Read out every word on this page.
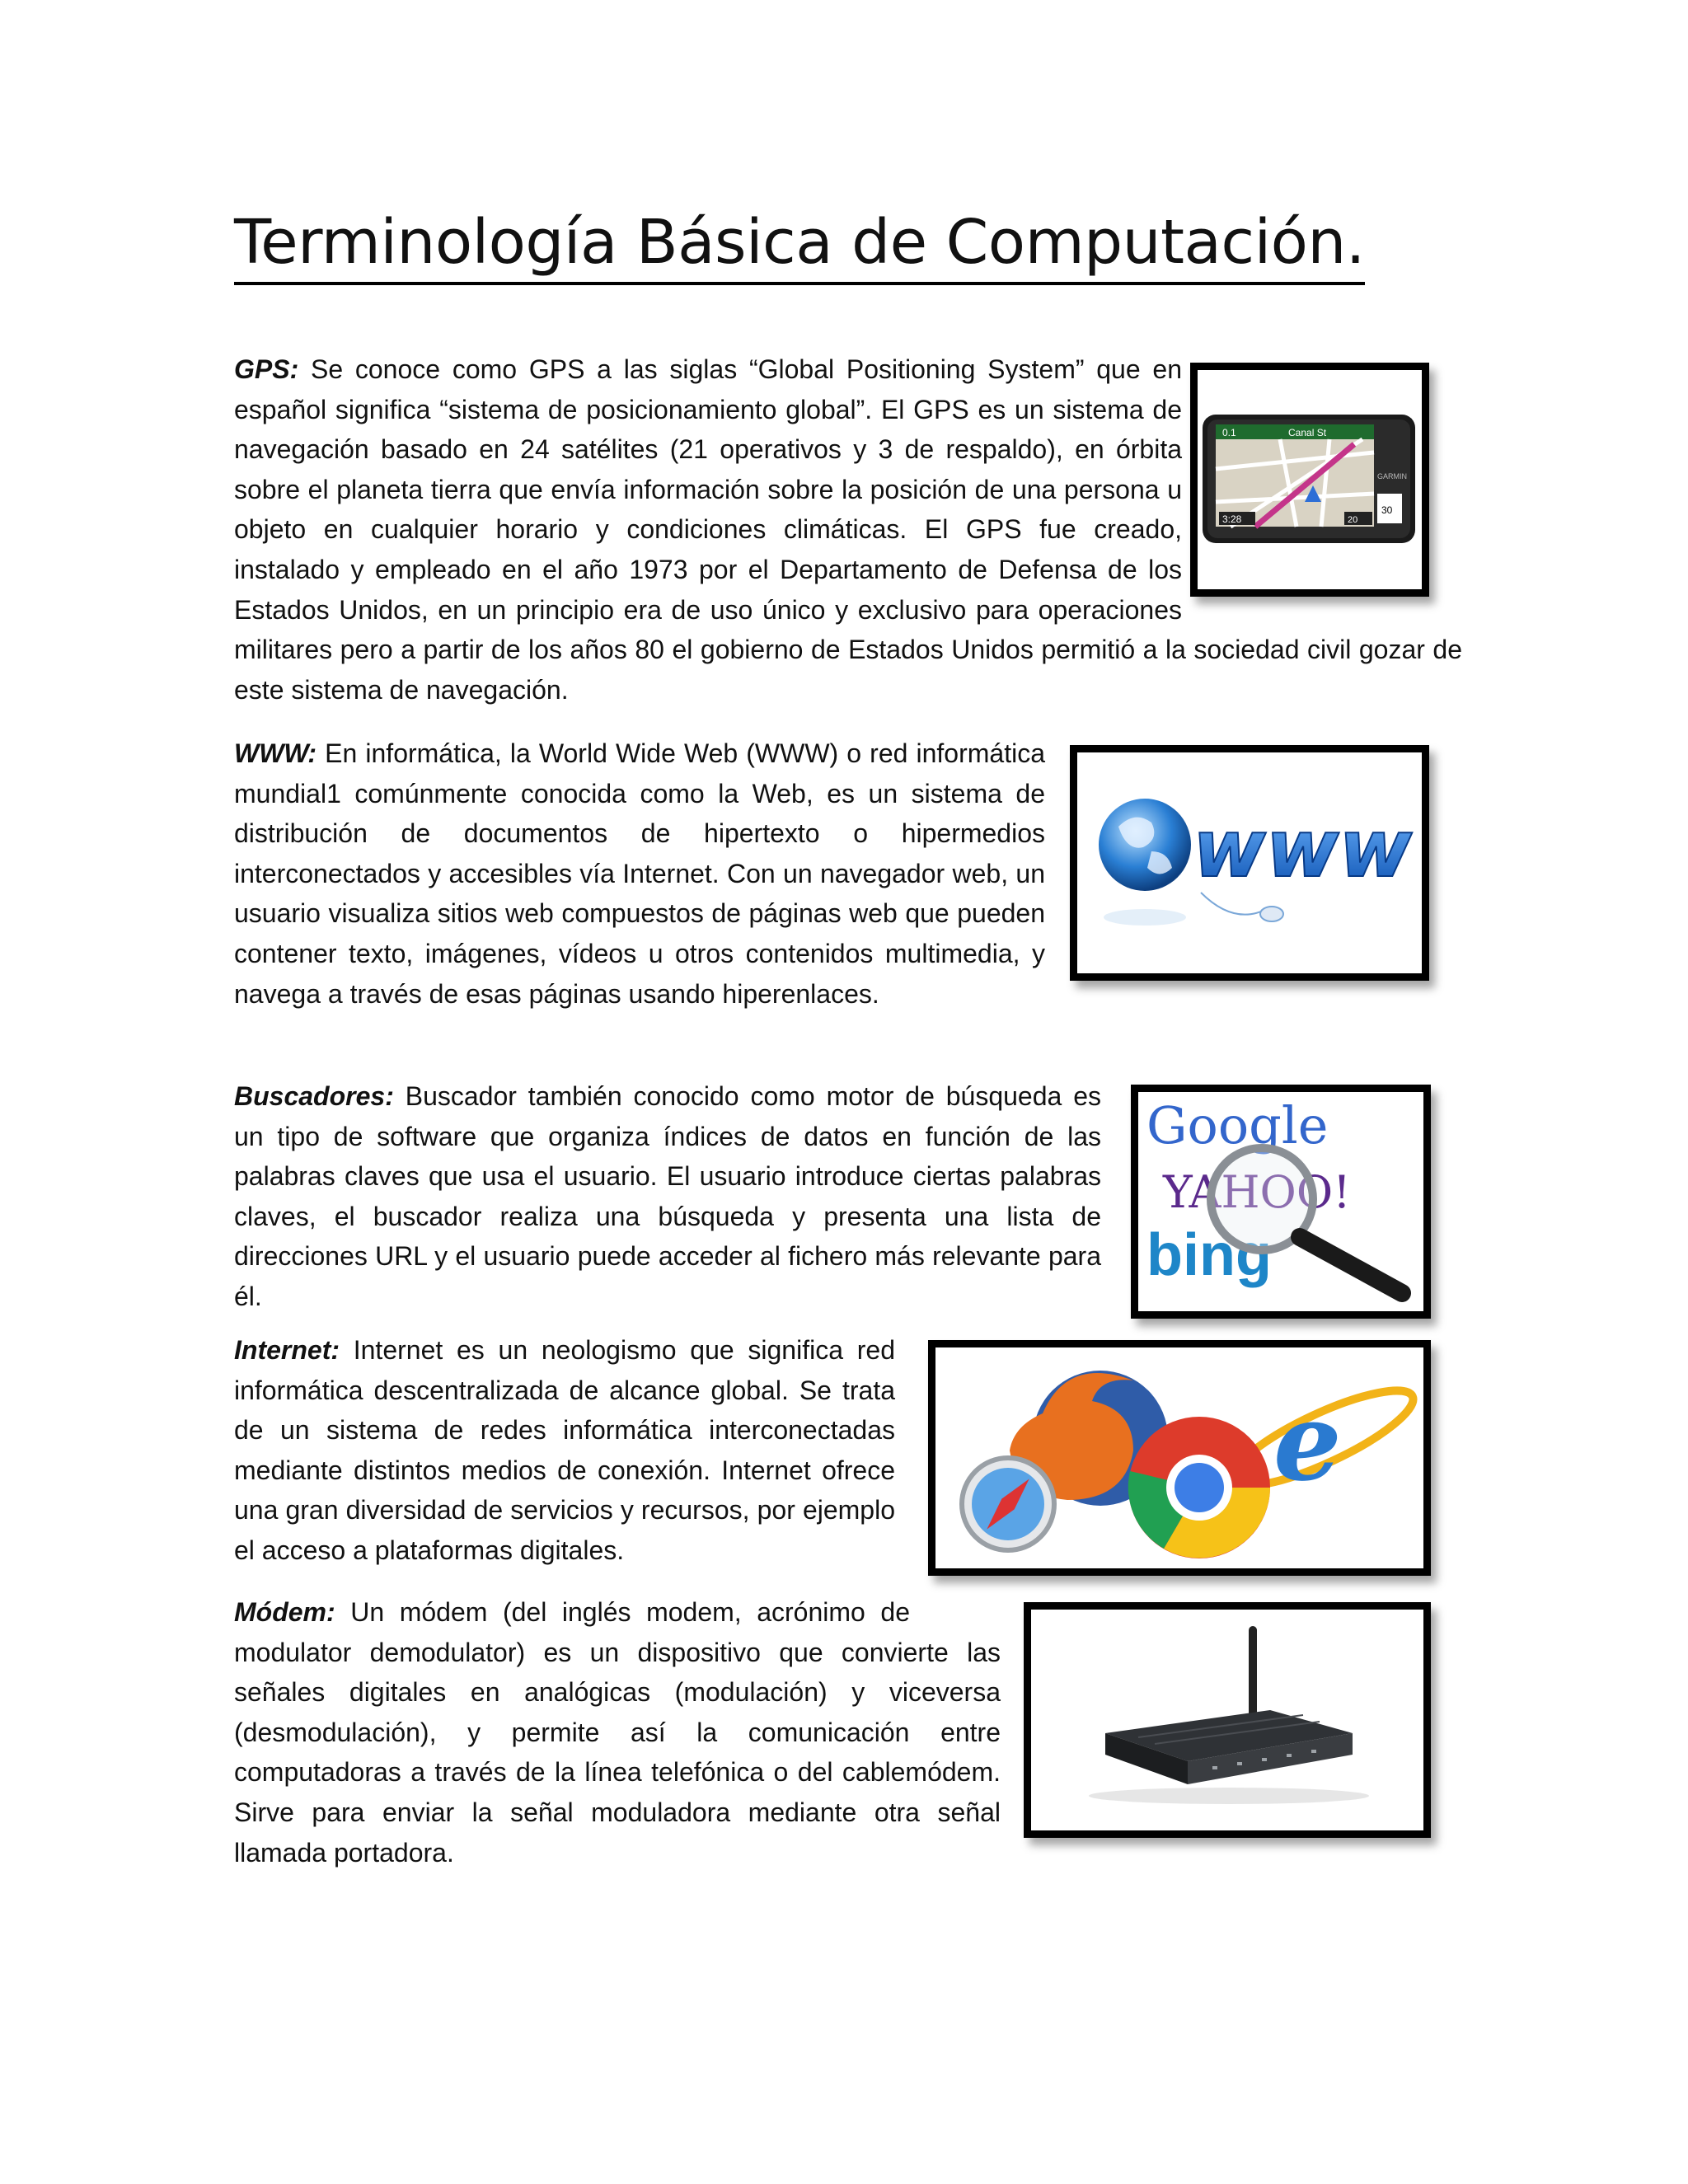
Terminología Básica de Computación.

GPS: Se conoce como GPS a las siglas “Global Positioning System” que en español significa “sistema de posicionamiento global”. El GPS es un sistema de navegación basado en 24 satélites (21 operativos y 3 de respaldo), en órbita sobre el planeta tierra que envía información sobre la posición de una persona u objeto en cualquier horario y condiciones climáticas. El GPS fue creado, instalado y empleado en el año 1973 por el Departamento de Defensa de los Estados Unidos, en un principio era de uso único y exclusivo para operaciones militares pero a partir de los años 80 el gobierno de Estados Unidos permitió a la sociedad civil gozar de este sistema de navegación.

0.1	Canal St
3:28	20
30
GARMIN

WWW: En informática, la World Wide Web (WWW) o red informática mundial1 comúnmente conocida como la Web, es un sistema de distribución de documentos de hipertexto o hipermedios interconectados y accesibles vía Internet. Con un navegador web, un usuario visualiza sitios web compuestos de páginas web que pueden contener texto, imágenes, vídeos u otros contenidos multimedia, y navega a través de esas páginas usando hiperenlaces.

www

Buscadores: Buscador también conocido como motor de búsqueda es un tipo de software que organiza índices de datos en función de las palabras claves que usa el usuario. El usuario introduce ciertas palabras claves, el buscador realiza una búsqueda y presenta una lista de direcciones URL y el usuario puede acceder al fichero más relevante para él.

Google
YAHOO!
bing

Internet: Internet es un neologismo que significa red informática descentralizada de alcance global. Se trata de un sistema de redes informática interconectadas mediante distintos medios de conexión. Internet ofrece una gran diversidad de servicios y recursos, por ejemplo el acceso a plataformas digitales.

e

Módem: Un módem (del inglés modem, acrónimo de modulator demodulator) es un dispositivo que convierte las señales digitales en analógicas (modulación) y viceversa (desmodulación), y permite así la comunicación entre computadoras a través de la línea telefónica o del cablemódem. Sirve para enviar la señal moduladora mediante otra señal llamada portadora.
